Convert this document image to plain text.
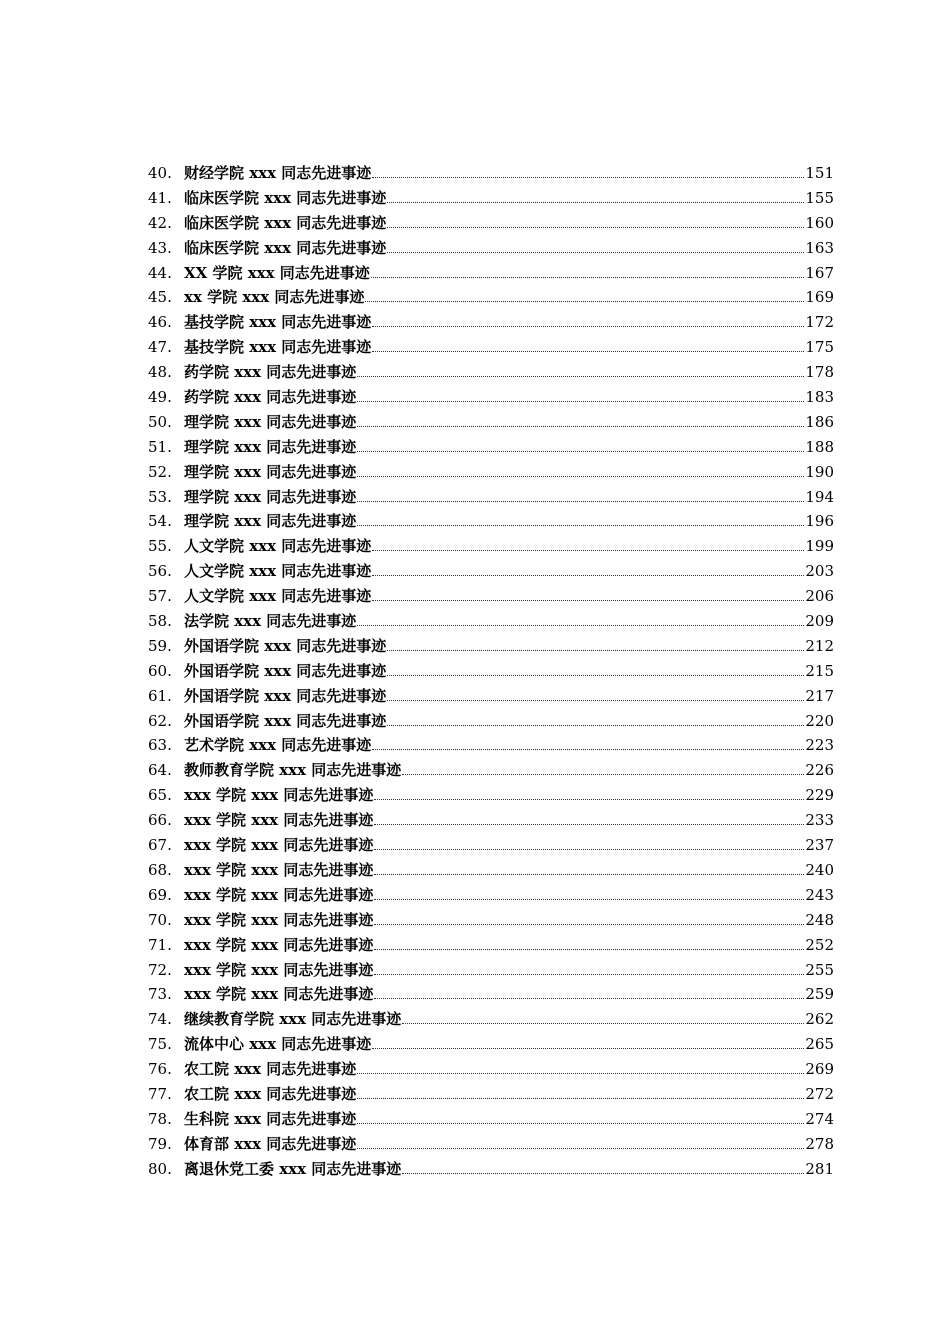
40. 财经学院 xxx 同志先进事迹	151
41. 临床医学院 xxx 同志先进事迹	155
42. 临床医学院 xxx 同志先进事迹	160
43. 临床医学院 xxx 同志先进事迹	163
44. XX 学院 xxx 同志先进事迹	167
45. xx 学院 xxx 同志先进事迹	169
46. 基技学院 xxx 同志先进事迹	172
47. 基技学院 xxx 同志先进事迹	175
48. 药学院 xxx 同志先进事迹	178
49. 药学院 xxx 同志先进事迹	183
50. 理学院 xxx 同志先进事迹	186
51. 理学院 xxx 同志先进事迹	188
52. 理学院 xxx 同志先进事迹	190
53. 理学院 xxx 同志先进事迹	194
54. 理学院 xxx 同志先进事迹	196
55. 人文学院 xxx 同志先进事迹	199
56. 人文学院 xxx 同志先进事迹	203
57. 人文学院 xxx 同志先进事迹	206
58. 法学院 xxx 同志先进事迹	209
59. 外国语学院 xxx 同志先进事迹	212
60. 外国语学院 xxx 同志先进事迹	215
61. 外国语学院 xxx 同志先进事迹	217
62. 外国语学院 xxx 同志先进事迹	220
63. 艺术学院 xxx 同志先进事迹	223
64. 教师教育学院 xxx 同志先进事迹	226
65. xxx 学院 xxx 同志先进事迹	229
66. xxx 学院 xxx 同志先进事迹	233
67. xxx 学院 xxx 同志先进事迹	237
68. xxx 学院 xxx 同志先进事迹	240
69. xxx 学院 xxx 同志先进事迹	243
70. xxx 学院 xxx 同志先进事迹	248
71. xxx 学院 xxx 同志先进事迹	252
72. xxx 学院 xxx 同志先进事迹	255
73. xxx 学院 xxx 同志先进事迹	259
74. 继续教育学院 xxx 同志先进事迹	262
75. 流体中心 xxx 同志先进事迹	265
76. 农工院 xxx 同志先进事迹	269
77. 农工院 xxx 同志先进事迹	272
78. 生科院 xxx 同志先进事迹	274
79. 体育部 xxx 同志先进事迹	278
80. 离退休党工委 xxx 同志先进事迹	281
